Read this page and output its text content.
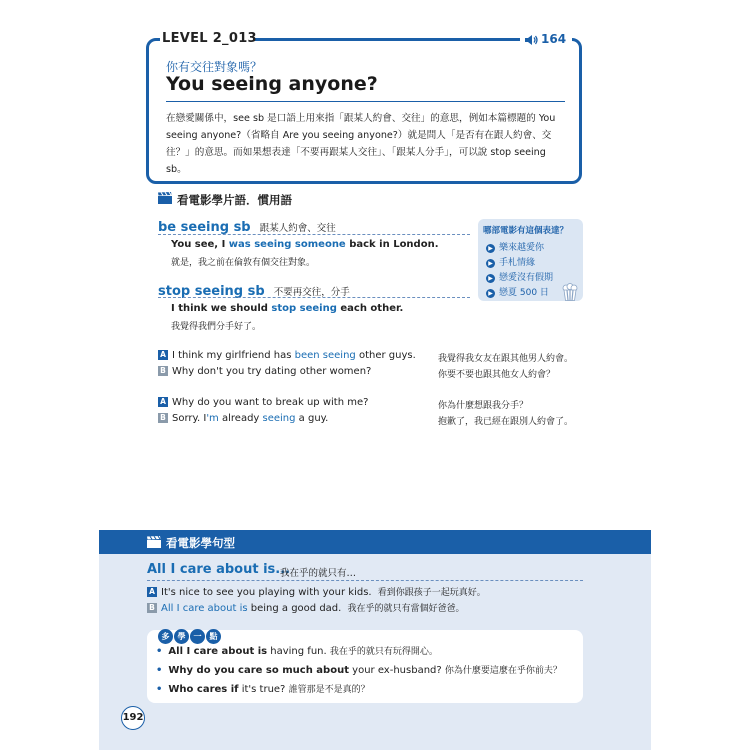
LEVEL 2_013	164
你有交往對象嗎？
You seeing anyone?
在戀愛關係中，see sb 是口語上用來指「跟某人約會、交往」的意思，例如本篇標題的 You seeing anyone?（省略自 Are you seeing anyone?）就是問人「是否有在跟人約會、交往？」的意思。而如果想表達「不要再跟某人交往」、「跟某人分手」，可以說 stop seeing sb。
看電影學片語．慣用語
be seeing sb 跟某人約會、交往
You see, I was seeing someone back in London.
就是，我之前在倫敦有個交往對象。
stop seeing sb 不要再交往，分手
I think we should stop seeing each other.
我覺得我們分手好了。
哪部電影有這個表達？
▶ 樂來越愛你
▶ 手札情緣
▶ 戀愛沒有假期
▶ 戀夏 500 日
A I think my girlfriend has been seeing other guys. 我覺得我女友在跟其他男人約會。
B Why don't you try dating other women?	你要不要也跟其他女人約會？
A Why do you want to break up with me?	你為什麼想跟我分手？
B Sorry. I'm already seeing a guy.	抱歉了，我已經在跟別人約會了。
看電影學句型
All I care about is...
我在乎的就只有…
A It's nice to see you playing with your kids. 看到你跟孩子一起玩真好。
B All I care about is being a good dad. 我在乎的就只有當個好爸爸。
多 學 一 點
• All I care about is having fun. 我在乎的就只有玩得開心。
• Why do you care so much about your ex-husband? 你為什麼要這麼在乎你前夫？
• Who cares if it's true? 誰管那是不是真的？
192
